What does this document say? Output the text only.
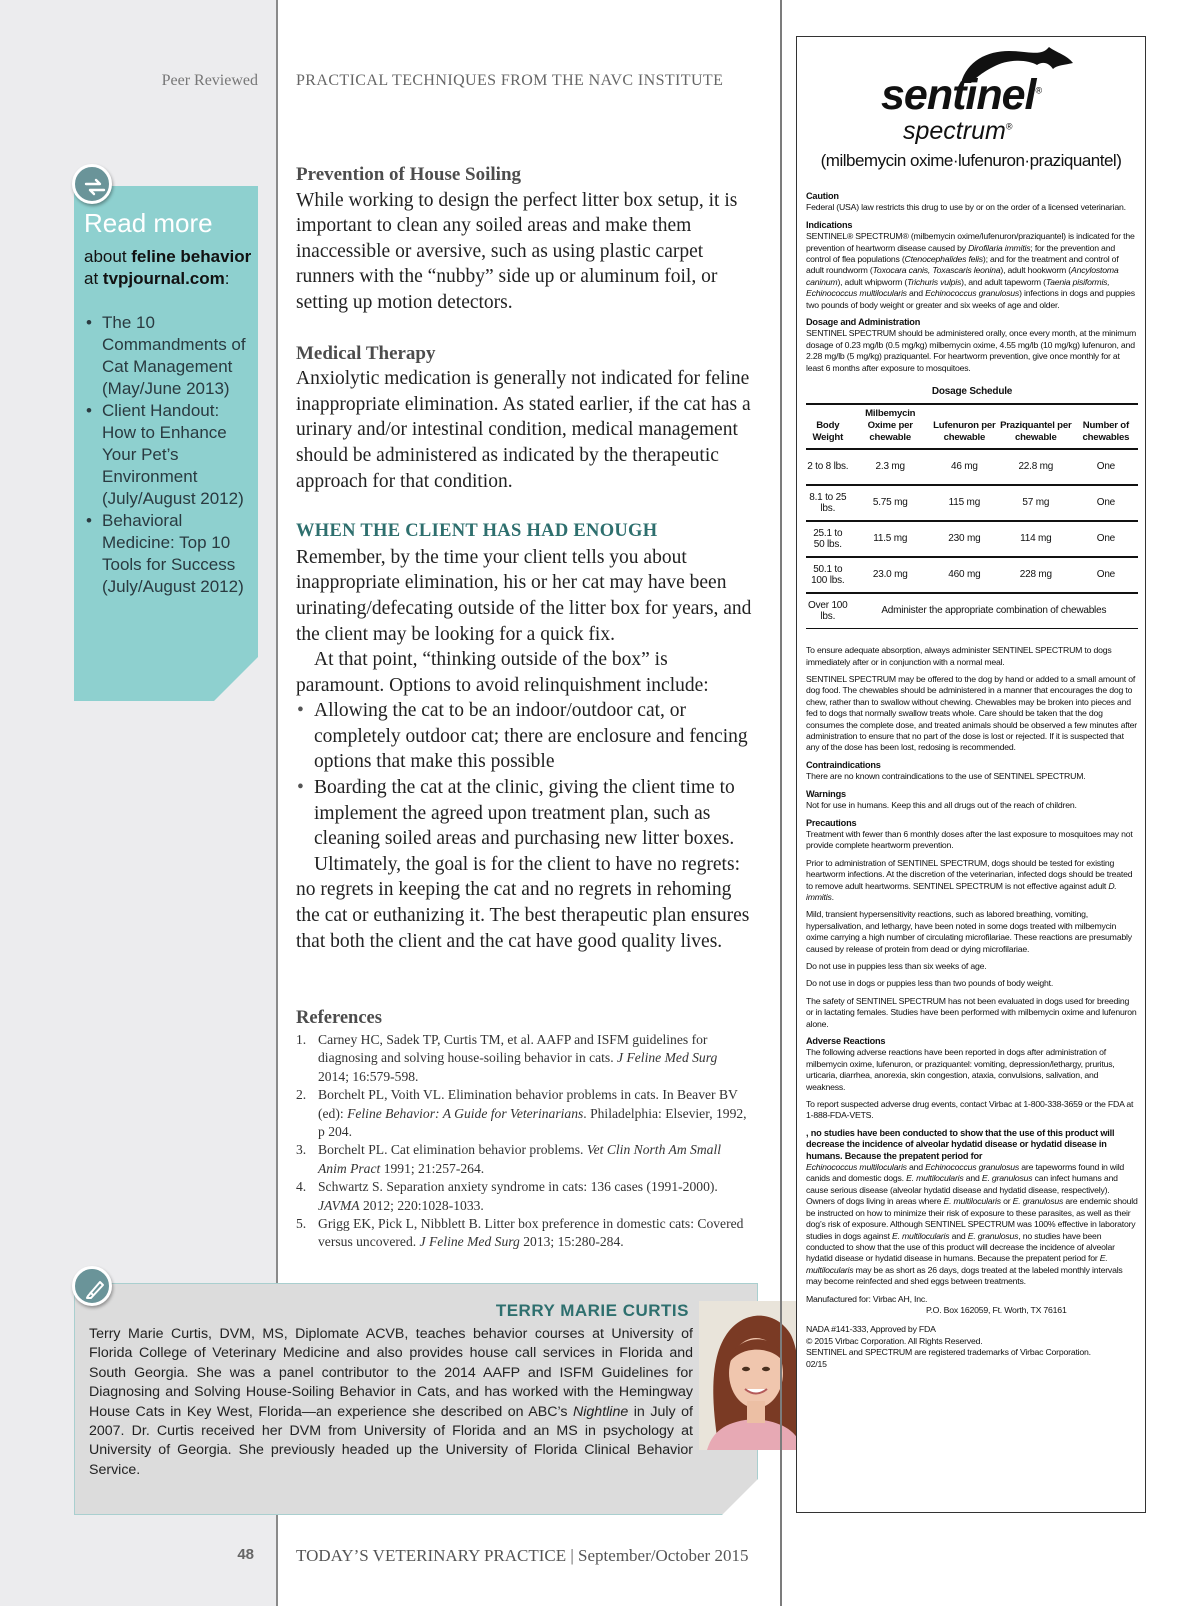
Peer Reviewed
Read more
about feline behavior at tvpjournal.com:
• The 10 Commandments of Cat Management (May/June 2013)
• Client Handout: How to Enhance Your Pet’s Environment (July/August 2012)
• Behavioral Medicine: Top 10 Tools for Success (July/August 2012)
48
PRACTICAL TECHNIQUES FROM THE NAVC INSTITUTE
Prevention of House Soiling

While working to design the perfect litter box setup, it is important to clean any soiled areas and make them inaccessible or aversive, such as using plastic carpet runners with the “nubby” side up or aluminum foil, or setting up motion detectors.

Medical Therapy

Anxiolytic medication is generally not indicated for feline inappropriate elimination. As stated earlier, if the cat has a urinary and/or intestinal condition, medical management should be administered as indicated by the therapeutic approach for that condition.

WHEN THE CLIENT HAS HAD ENOUGH

Remember, by the time your client tells you about inappropriate elimination, his or her cat may have been urinating/defecating outside of the litter box for years, and the client may be looking for a quick fix.

At that point, “thinking outside of the box” is paramount. Options to avoid relinquishment include:

• Allowing the cat to be an indoor/outdoor cat, or completely outdoor cat; there are enclosure and fencing options that make this possible
• Boarding the cat at the clinic, giving the client time to implement the agreed upon treatment plan, such as cleaning soiled areas and purchasing new litter boxes.

Ultimately, the goal is for the client to have no regrets: no regrets in keeping the cat and no regrets in rehoming the cat or euthanizing it. The best therapeutic plan ensures that both the client and the cat have good quality lives.

References
1. Carney HC, Sadek TP, Curtis TM, et al. AAFP and ISFM guidelines for diagnosing and solving house-soiling behavior in cats. J Feline Med Surg 2014; 16:579-598.
2. Borchelt PL, Voith VL. Elimination behavior problems in cats. In Beaver BV (ed): Feline Behavior: A Guide for Veterinarians. Philadelphia: Elsevier, 1992, p 204.
3. Borchelt PL. Cat elimination behavior problems. Vet Clin North Am Small Anim Pract 1991; 21:257-264.
4. Schwartz S. Separation anxiety syndrome in cats: 136 cases (1991-2000). JAVMA 2012; 220:1028-1033.
5. Grigg EK, Pick L, Nibblett B. Litter box preference in domestic cats: Covered versus uncovered. J Feline Med Surg 2013; 15:280-284.
TERRY MARIE CURTIS
Terry Marie Curtis, DVM, MS, Diplomate ACVB, teaches behavior courses at University of Florida College of Veterinary Medicine and also provides house call services in Florida and South Georgia. She was a panel contributor to the 2014 AAFP and ISFM Guidelines for Diagnosing and Solving House-Soiling Behavior in Cats, and has worked with the Hemingway House Cats in Key West, Florida—an experience she described on ABC’s Nightline in July of 2007. Dr. Curtis received her DVM from University of Florida and an MS in psychology at University of Georgia. She previously headed up the University of Florida Clinical Behavior Service.
TODAY’S VETERINARY PRACTICE | September/October 2015
sentinel®
spectrum®
(milbemycin oxime·lufenuron·praziquantel)
Caution
Federal (USA) law restricts this drug to use by or on the order of a licensed veterinarian.
Indications
SENTINEL® SPECTRUM® (milbemycin oxime/lufenuron/praziquantel) is indicated for the prevention of heartworm disease caused by Dirofilaria immitis; for the prevention and control of flea populations (Ctenocephalides felis); and for the treatment and control of adult roundworm (Toxocara canis, Toxascaris leonina), adult hookworm (Ancylostoma caninum), adult whipworm (Trichuris vulpis), and adult tapeworm (Taenia pisiformis, Echinococcus multilocularis and Echinococcus granulosus) infections in dogs and puppies two pounds of body weight or greater and six weeks of age and older.
Dosage and Administration
SENTINEL SPECTRUM should be administered orally, once every month, at the minimum dosage of 0.23 mg/lb (0.5 mg/kg) milbemycin oxime, 4.55 mg/lb (10 mg/kg) lufenuron, and 2.28 mg/lb (5 mg/kg) praziquantel. For heartworm prevention, give once monthly for at least 6 months after exposure to mosquitoes.
Dosage Schedule
Body Weight	Milbemycin Oxime per chewable	Lufenuron per chewable	Praziquantel per chewable	Number of chewables
2 to 8 lbs.	2.3 mg	46 mg	22.8 mg	One
8.1 to 25 lbs.	5.75 mg	115 mg	57 mg	One
25.1 to 50 lbs.	11.5 mg	230 mg	114 mg	One
50.1 to 100 lbs.	23.0 mg	460 mg	228 mg	One
Over 100 lbs.	Administer the appropriate combination of chewables			
To ensure adequate absorption, always administer SENTINEL SPECTRUM to dogs immediately after or in conjunction with a normal meal.
SENTINEL SPECTRUM may be offered to the dog by hand or added to a small amount of dog food. The chewables should be administered in a manner that encourages the dog to chew, rather than to swallow without chewing. Chewables may be broken into pieces and fed to dogs that normally swallow treats whole. Care should be taken that the dog consumes the complete dose, and treated animals should be observed a few minutes after administration to ensure that no part of the dose is lost or rejected. If it is suspected that any of the dose has been lost, redosing is recommended.
Contraindications
There are no known contraindications to the use of SENTINEL SPECTRUM.
Warnings
Not for use in humans. Keep this and all drugs out of the reach of children.
Precautions
Treatment with fewer than 6 monthly doses after the last exposure to mosquitoes may not provide complete heartworm prevention.
Prior to administration of SENTINEL SPECTRUM, dogs should be tested for existing heartworm infections. At the discretion of the veterinarian, infected dogs should be treated to remove adult heartworms. SENTINEL SPECTRUM is not effective against adult D. immitis.
Mild, transient hypersensitivity reactions, such as labored breathing, vomiting, hypersalivation, and lethargy, have been noted in some dogs treated with milbemycin oxime carrying a high number of circulating microfilariae. These reactions are presumably caused by release of protein from dead or dying microfilariae.
Do not use in puppies less than six weeks of age.
Do not use in dogs or puppies less than two pounds of body weight.
The safety of SENTINEL SPECTRUM has not been evaluated in dogs used for breeding or in lactating females. Studies have been performed with milbemycin oxime and lufenuron alone.
Adverse Reactions
The following adverse reactions have been reported in dogs after administration of milbemycin oxime, lufenuron, or praziquantel: vomiting, depression/lethargy, pruritus, urticaria, diarrhea, anorexia, skin congestion, ataxia, convulsions, salivation, and weakness.
To report suspected adverse drug events, contact Virbac at 1-800-338-3659 or the FDA at 1-888-FDA-VETS.
, no studies have been conducted to show that the use of this product will decrease the incidence of alveolar hydatid disease or hydatid disease in humans. Because the prepatent period for
Echinococcus multilocularis and Echinococcus granulosus are tapeworms found in wild canids and domestic dogs. E. multilocularis and E. granulosus can infect humans and cause serious disease (alveolar hydatid disease and hydatid disease, respectively). Owners of dogs living in areas where E. multilocularis or E. granulosus are endemic should be instructed on how to minimize their risk of exposure to these parasites, as well as their dog’s risk of exposure. Although SENTINEL SPECTRUM was 100% effective in laboratory studies in dogs against E. multilocularis and E. granulosus, no studies have been conducted to show that the use of this product will decrease the incidence of alveolar hydatid disease or hydatid disease in humans. Because the prepatent period for E. multilocularis may be as short as 26 days, dogs treated at the labeled monthly intervals may become reinfected and shed eggs between treatments.
Manufactured for: Virbac AH, Inc.
P.O. Box 162059, Ft. Worth, TX 76161
NADA #141-333, Approved by FDA
© 2015 Virbac Corporation. All Rights Reserved.
SENTINEL and SPECTRUM are registered trademarks of Virbac Corporation.
02/15
